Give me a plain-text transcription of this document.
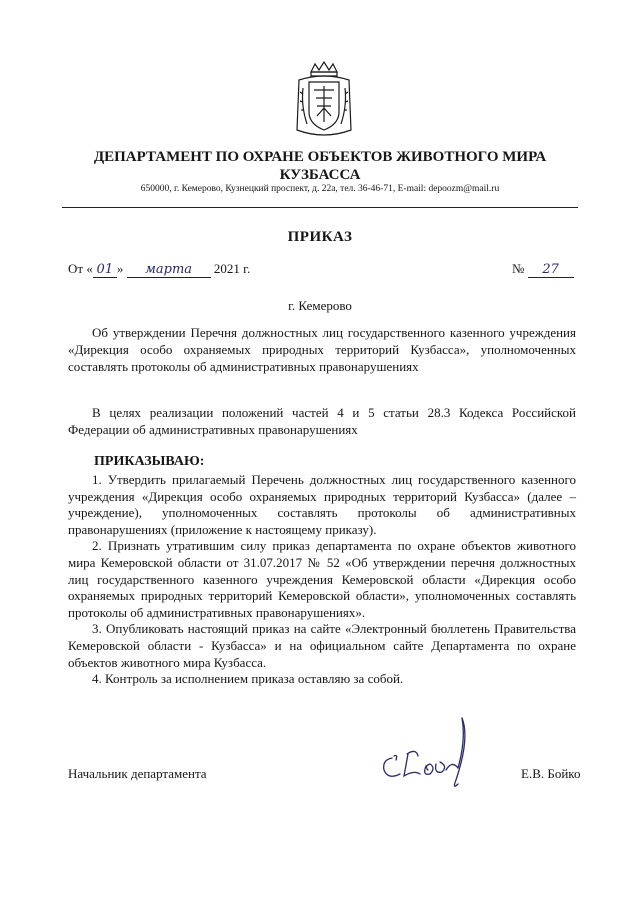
ДЕПАРТАМЕНТ ПО ОХРАНЕ ОБЪЕКТОВ ЖИВОТНОГО МИРА
КУЗБАССА
650000, г. Кемерово, Кузнецкий проспект, д. 22а, тел. 36-46-71, E-mail: depoozm@mail.ru
ПРИКАЗ
От « 01 » марта 2021 г.	№ 27
г. Кемерово
Об утверждении Перечня должностных лиц государственного казенного учреждения «Дирекция особо охраняемых природных территорий Кузбасса», уполномоченных составлять протоколы об административных правонарушениях
В целях реализации положений частей 4 и 5 статьи 28.3 Кодекса Российской Федерации об административных правонарушениях
ПРИКАЗЫВАЮ:

1. Утвердить прилагаемый Перечень должностных лиц государственного казенного учреждения «Дирекция особо охраняемых природных территорий Кузбасса» (далее – учреждение), уполномоченных составлять протоколы об административных правонарушениях (приложение к настоящему приказу).

2. Признать утратившим силу приказ департамента по охране объектов животного мира Кемеровской области от 31.07.2017 № 52 «Об утверждении перечня должностных лиц государственного казенного учреждения Кемеровской области «Дирекция особо охраняемых природных территорий Кемеровской области», уполномоченных составлять протоколы об административных правонарушениях».

3. Опубликовать настоящий приказ на сайте «Электронный бюллетень Правительства Кемеровской области - Кузбасса» и на официальном сайте Департамента по охране объектов животного мира Кузбасса.

4. Контроль за исполнением приказа оставляю за собой.

Начальник департамента	Е.В. Бойко
